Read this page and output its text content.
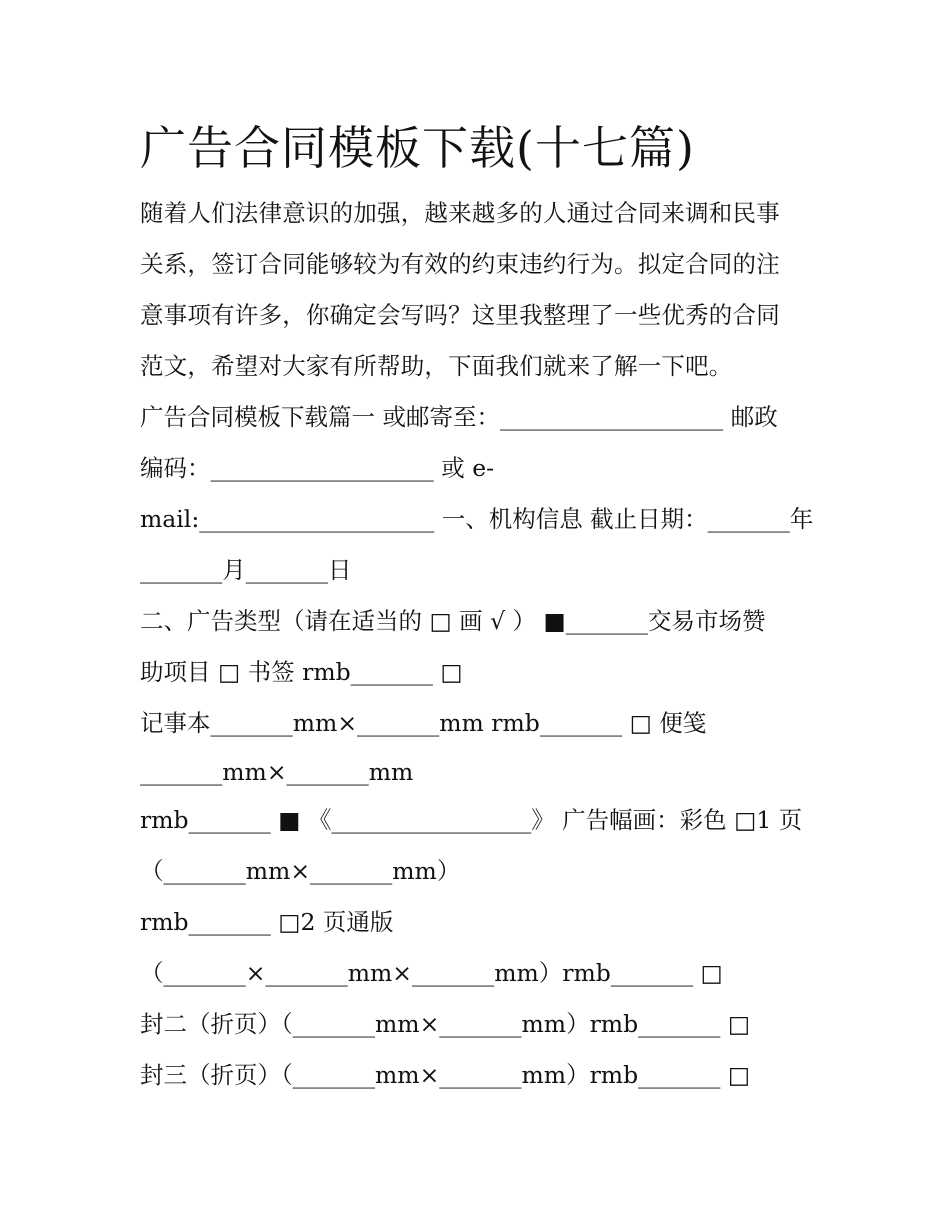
广告合同模板下载(十七篇)

随着人们法律意识的加强，越来越多的人通过合同来调和民事

关系，签订合同能够较为有效的约束违约行为。拟定合同的注

意事项有许多，你确定会写吗？这里我整理了一些优秀的合同

范文，希望对大家有所帮助，下面我们就来了解一下吧。

广告合同模板下载篇一 或邮寄至：___________________ 邮政

编码：___________________ 或 e-

mail:____________________ 一、机构信息 截止日期：_______年

_______月_______日

二、广告类型（请在适当的 □ 画 √ ） ■_______交易市场赞

助项目 □ 书签 rmb_______ □

记事本_______mm×_______mm rmb_______ □ 便笺

_______mm×_______mm

rmb_______ ■ 《_________________》 广告幅画：彩色 □1 页

（_______mm×_______mm）

rmb_______ □2 页通版

（_______×_______mm×_______mm）rmb_______ □

封二（折页）（_______mm×_______mm）rmb_______ □

封三（折页）（_______mm×_______mm）rmb_______ □
